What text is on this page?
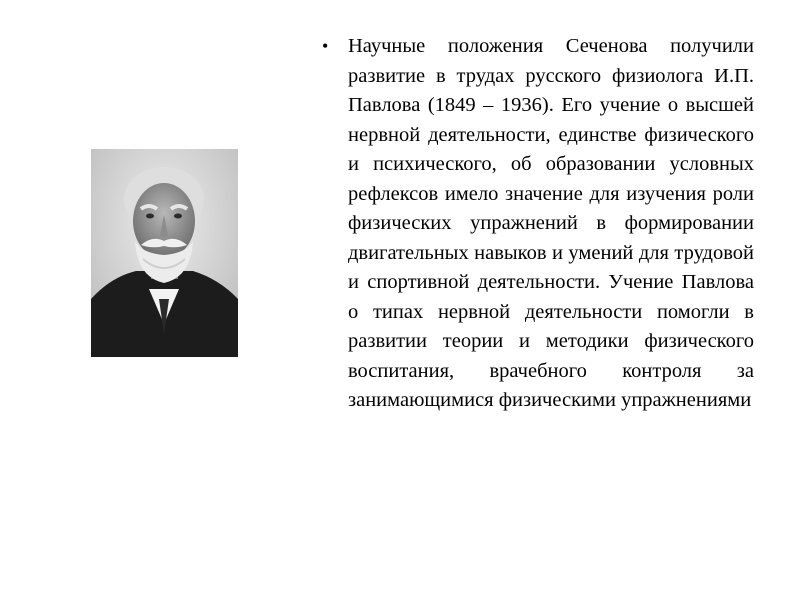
• Научные положения Сеченова получили развитие в трудах русского физиолога И.П. Павлова (1849 – 1936). Его учение о высшей нервной деятельности, единстве физического и психического, об образовании условных рефлексов имело значение для изучения роли физических упражнений в формировании двигательных навыков и умений для трудовой и спортивной деятельности. Учение Павлова о типах нервной деятельности помогли в развитии теории и методики физического воспитания, врачебного контроля за занимающимися физическими упражнениями
